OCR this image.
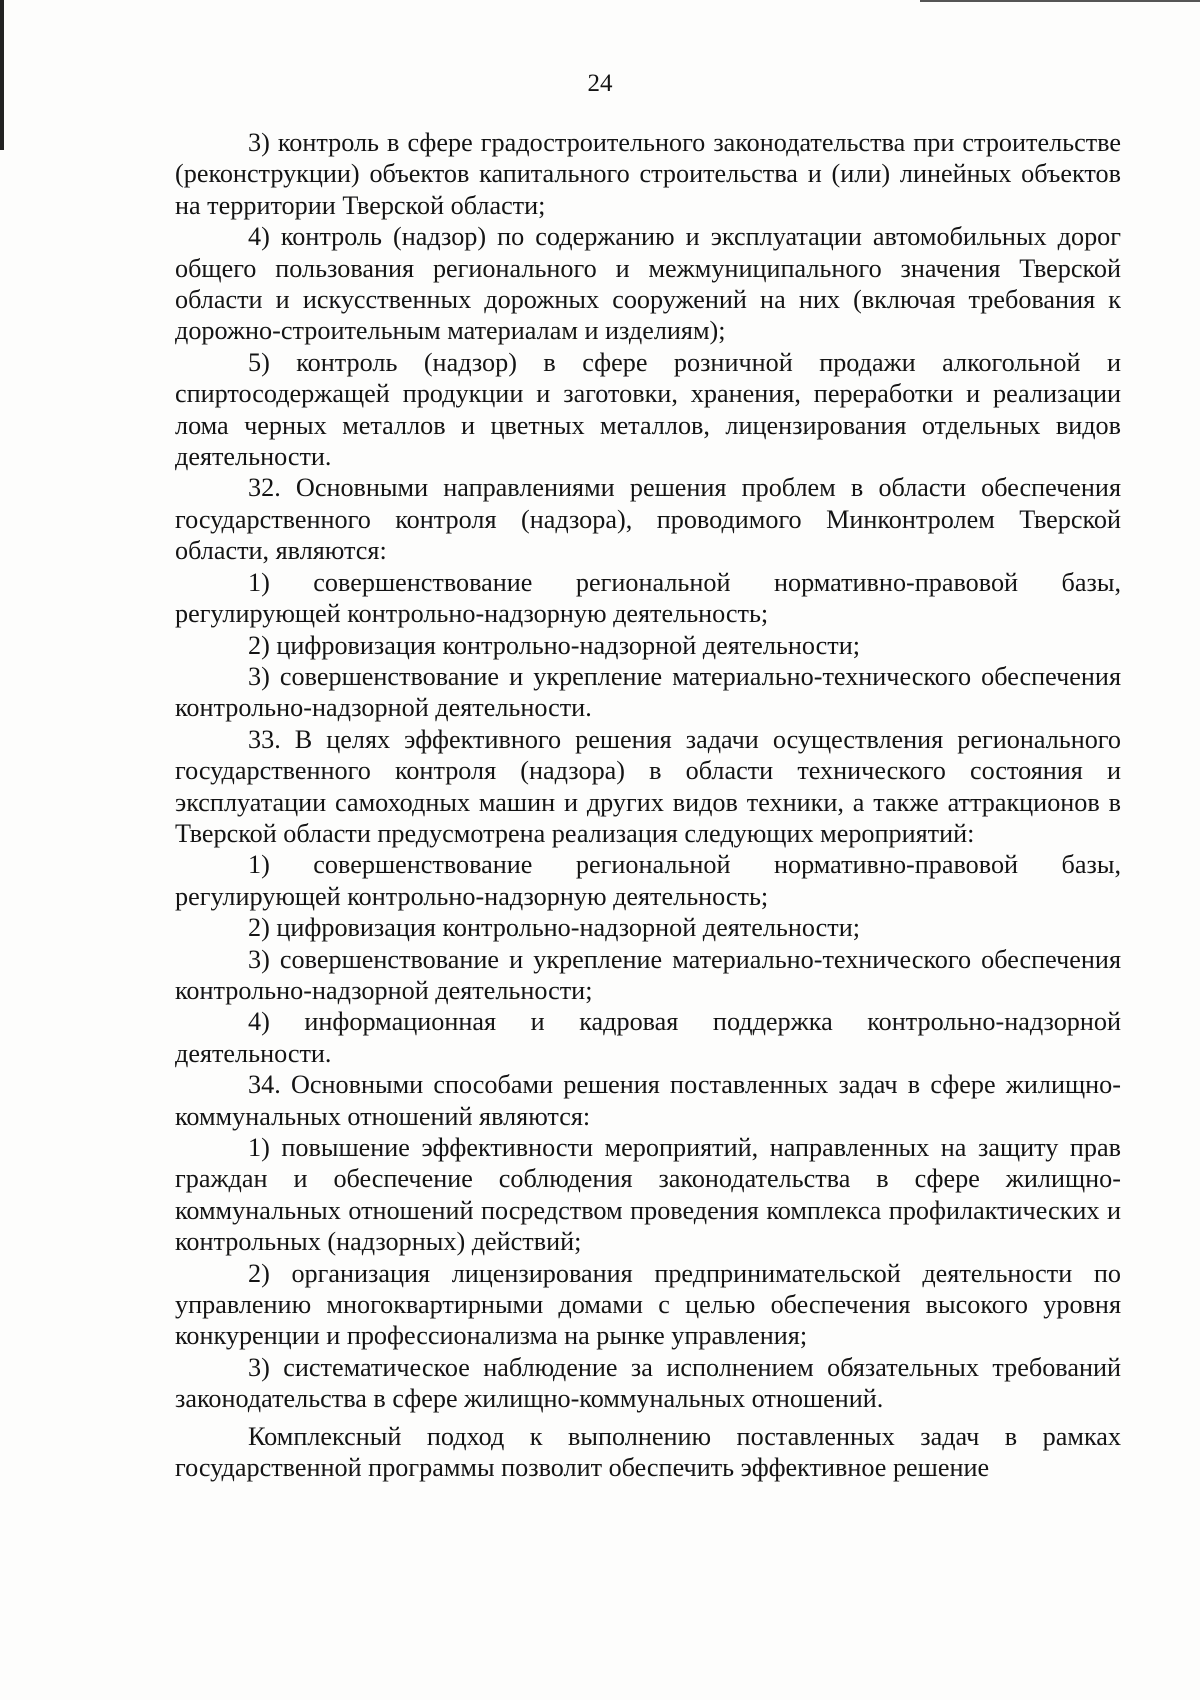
24

3) контроль в сфере градостроительного законодательства при строительстве (реконструкции) объектов капитального строительства и (или) линейных объектов на территории Тверской области;

4) контроль (надзор) по содержанию и эксплуатации автомобильных дорог общего пользования регионального и межмуниципального значения Тверской области и искусственных дорожных сооружений на них (включая требования к дорожно-строительным материалам и изделиям);

5) контроль (надзор) в сфере розничной продажи алкогольной и спиртосодержащей продукции и заготовки, хранения, переработки и реализации лома черных металлов и цветных металлов, лицензирования отдельных видов деятельности.

32. Основными направлениями решения проблем в области обеспечения государственного контроля (надзора), проводимого Минконтролем Тверской области, являются:

1) совершенствование региональной нормативно-правовой базы, регулирующей контрольно-надзорную деятельность;

2) цифровизация контрольно-надзорной деятельности;

3) совершенствование и укрепление материально-технического обеспечения контрольно-надзорной деятельности.

33. В целях эффективного решения задачи осуществления регионального государственного контроля (надзора) в области технического состояния и эксплуатации самоходных машин и других видов техники, а также аттракционов в Тверской области предусмотрена реализация следующих мероприятий:

1) совершенствование региональной нормативно-правовой базы, регулирующей контрольно-надзорную деятельность;

2) цифровизация контрольно-надзорной деятельности;

3) совершенствование и укрепление материально-технического обеспечения контрольно-надзорной деятельности;

4) информационная и кадровая поддержка контрольно-надзорной деятельности.

34. Основными способами решения поставленных задач в сфере жилищно-коммунальных отношений являются:

1) повышение эффективности мероприятий, направленных на защиту прав граждан и обеспечение соблюдения законодательства в сфере жилищно-коммунальных отношений посредством проведения комплекса профилактических и контрольных (надзорных) действий;

2) организация лицензирования предпринимательской деятельности по управлению многоквартирными домами с целью обеспечения высокого уровня конкуренции и профессионализма на рынке управления;

3) систематическое наблюдение за исполнением обязательных требований законодательства в сфере жилищно-коммунальных отношений.

Комплексный подход к выполнению поставленных задач в рамках государственной программы позволит обеспечить эффективное решение
